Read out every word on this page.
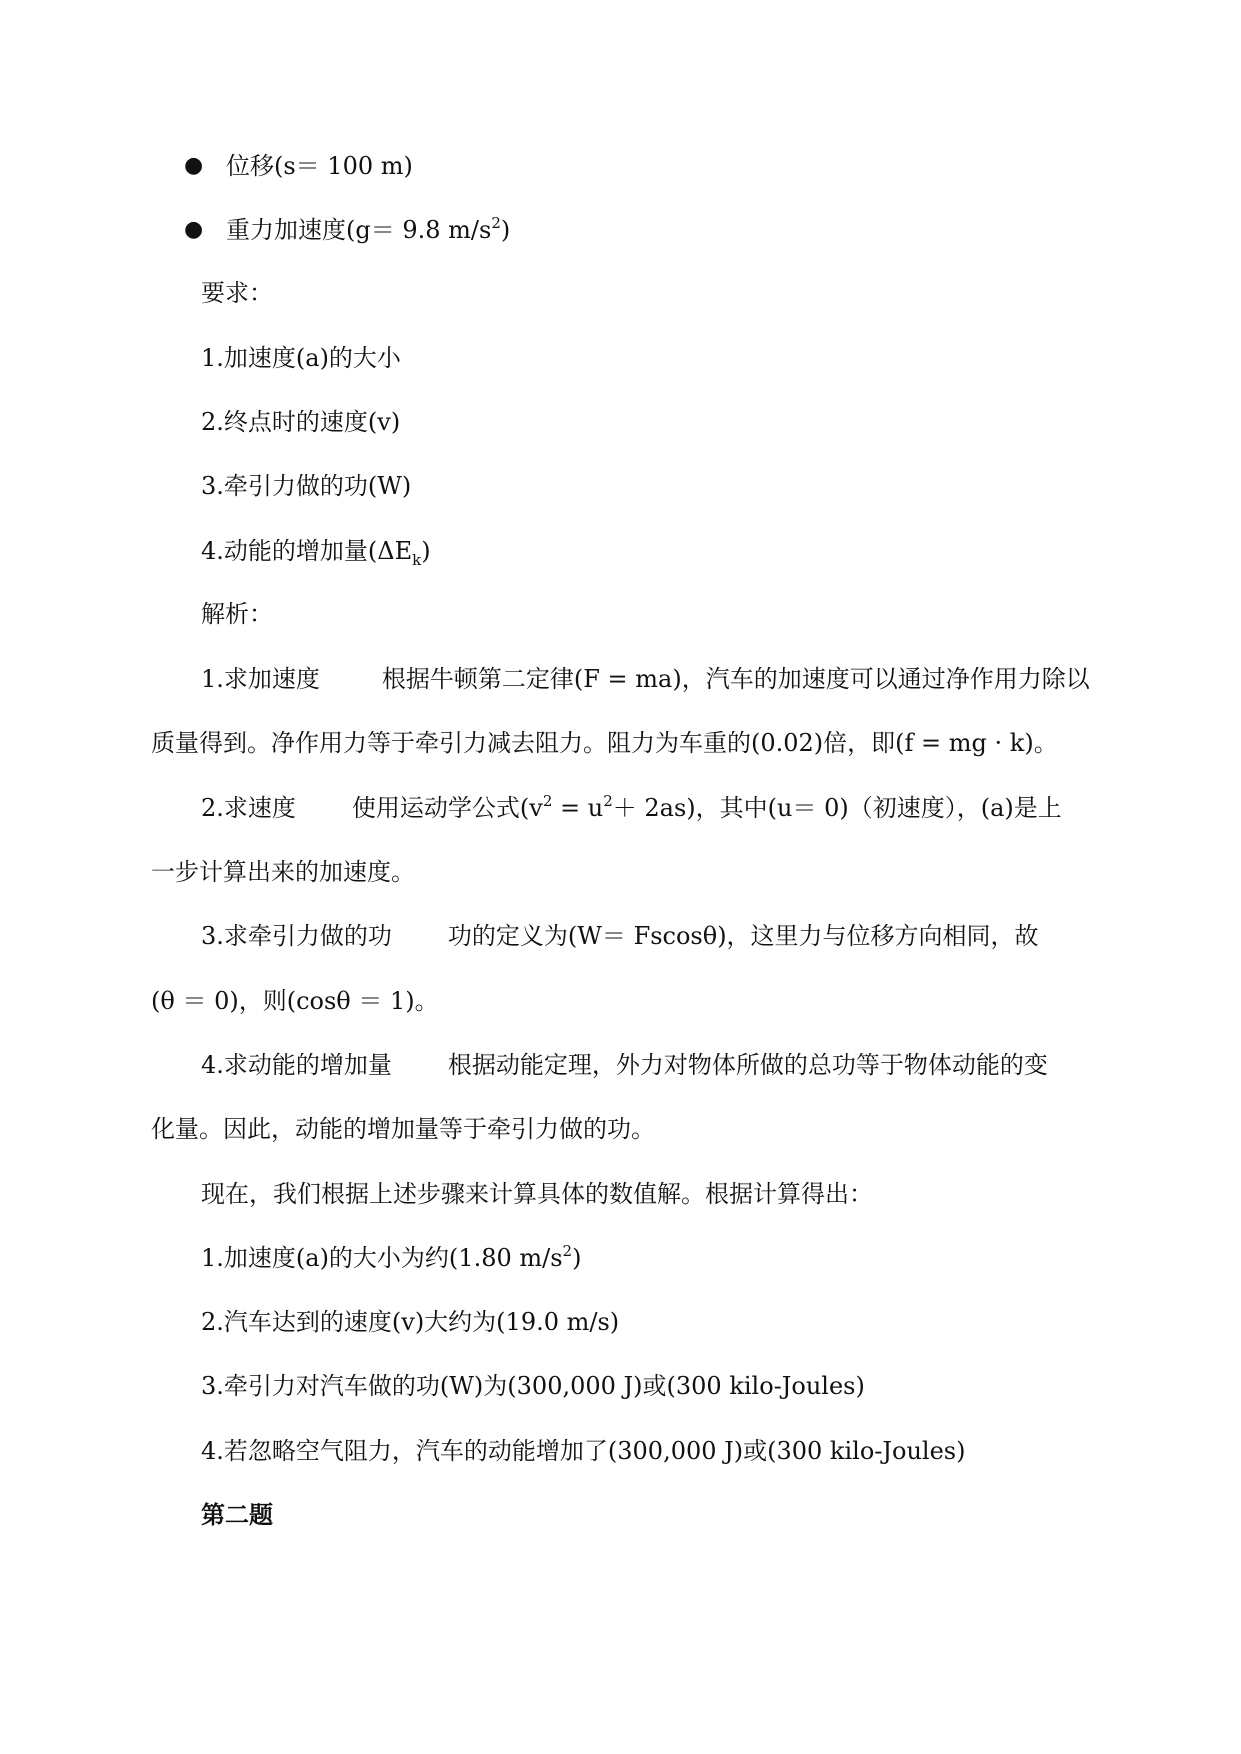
● 位移(s＝ 100 m)
● 重力加速度(g＝ 9.8 $m/s^2$)
要求：
1.加速度(a)的大小
2.终点时的速度(v)
3.牵引力做的功(W)
4.动能的增加量$(\Delta E_k)$
解析：
1.求加速度	根据牛顿第二定律(F = ma)，汽车的加速度可以通过净作用力除以
质量得到。净作用力等于牵引力减去阻力。阻力为车重的(0.02)倍，即(f = mg · k)。
2.求速度 使用运动学公式$(v^2 = u^2+ 2as)$，其中(u＝ 0)（初速度），(a)是上
一步计算出来的加速度。
3.求牵引力做的功 功的定义为(W＝ Fscosθ)，这里力与位移方向相同，故
(θ ＝ 0)，则(cosθ ＝ 1)。
4.求动能的增加量 根据动能定理，外力对物体所做的总功等于物体动能的变
化量。因此，动能的增加量等于牵引力做的功。
现在，我们根据上述步骤来计算具体的数值解。根据计算得出：
1.加速度(a)的大小为约(1.80 $m/s^2$)
2.汽车达到的速度(v)大约为(19.0 m/s)
3.牵引力对汽车做的功(W)为(300,000 J)或(300 kilo-Joules)
4.若忽略空气阻力，汽车的动能增加了(300,000 J)或(300 kilo-Joules)
第二题
